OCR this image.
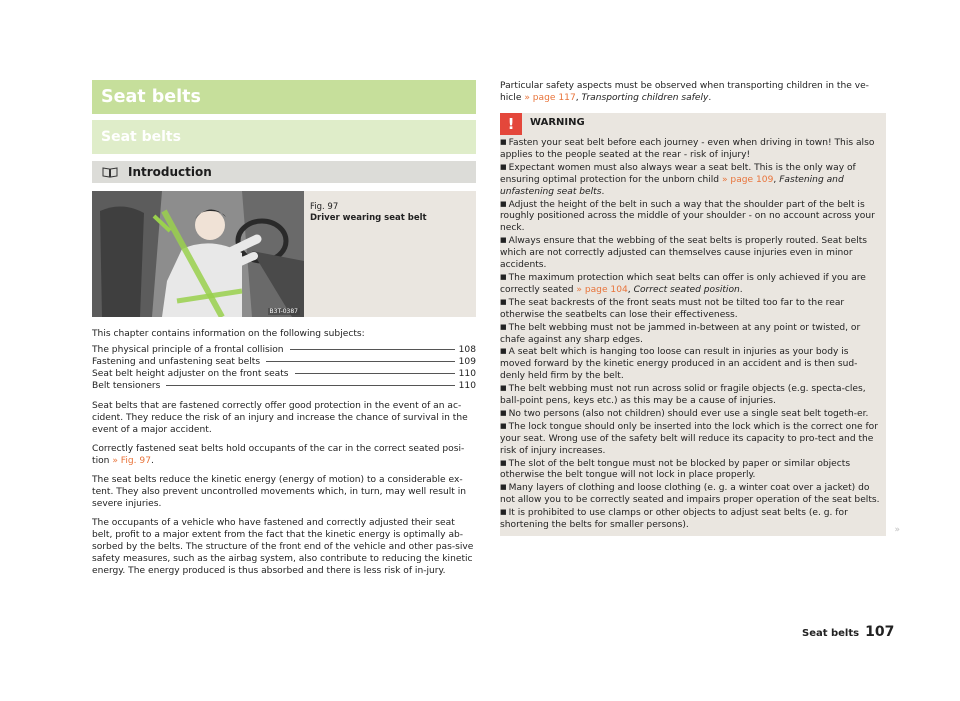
Seat belts
Seat belts
Introduction
B3T-0387
Fig. 97
Driver wearing seat belt

This chapter contains information on the following subjects:

The physical principle of a frontal collision	108
Fastening and unfastening seat belts	109
Seat belt height adjuster on the front seats	110
Belt tensioners	110

Seat belts that are fastened correctly offer good protection in the event of an ac-cident. They reduce the risk of an injury and increase the chance of survival in the event of a major accident.

Correctly fastened seat belts hold occupants of the car in the correct seated posi-tion » Fig. 97.

The seat belts reduce the kinetic energy (energy of motion) to a considerable ex-tent. They also prevent uncontrolled movements which, in turn, may well result in severe injuries.

The occupants of a vehicle who have fastened and correctly adjusted their seat belt, profit to a major extent from the fact that the kinetic energy is optimally ab-sorbed by the belts. The structure of the front end of the vehicle and other pas-sive safety measures, such as the airbag system, also contribute to reducing the kinetic energy. The energy produced is thus absorbed and there is less risk of in-jury.

Particular safety aspects must be observed when transporting children in the ve-hicle » page 117, Transporting children safely.

!	WARNING
■ Fasten your seat belt before each journey - even when driving in town! This also applies to the people seated at the rear - risk of injury!
■ Expectant women must also always wear a seat belt. This is the only way of ensuring optimal protection for the unborn child » page 109, Fastening and unfastening seat belts.
■ Adjust the height of the belt in such a way that the shoulder part of the belt is roughly positioned across the middle of your shoulder - on no account across your neck.
■ Always ensure that the webbing of the seat belts is properly routed. Seat belts which are not correctly adjusted can themselves cause injuries even in minor accidents.
■ The maximum protection which seat belts can offer is only achieved if you are correctly seated » page 104, Correct seated position.
■ The seat backrests of the front seats must not be tilted too far to the rear otherwise the seatbelts can lose their effectiveness.
■ The belt webbing must not be jammed in-between at any point or twisted, or chafe against any sharp edges.
■ A seat belt which is hanging too loose can result in injuries as your body is moved forward by the kinetic energy produced in an accident and is then sud-denly held firm by the belt.
■ The belt webbing must not run across solid or fragile objects (e.g. specta-cles, ball-point pens, keys etc.) as this may be a cause of injuries.
■ No two persons (also not children) should ever use a single seat belt togeth-er.
■ The lock tongue should only be inserted into the lock which is the correct one for your seat. Wrong use of the safety belt will reduce its capacity to pro-tect and the risk of injury increases.
■ The slot of the belt tongue must not be blocked by paper or similar objects otherwise the belt tongue will not lock in place properly.
■ Many layers of clothing and loose clothing (e. g. a winter coat over a jacket) do not allow you to be correctly seated and impairs proper operation of the seat belts.
■ It is prohibited to use clamps or other objects to adjust seat belts (e. g. for shortening the belts for smaller persons).	»
Seat belts 107
